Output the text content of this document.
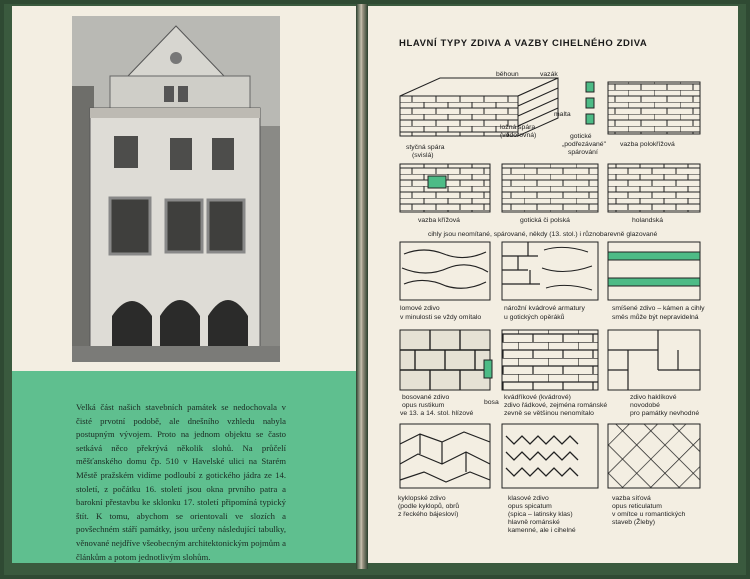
Velká část našich stavebních památek se nedochovala v čisté prvotní podobě, ale dnešního vzhledu nabyla postupným vývojem. Proto na jednom objektu se často setkává něco překrývá několik slohů. Na průčelí měšťanského domu čp. 510 v Havelské ulici na Starém Městě pražském vidíme podloubí z gotického jádra ze 14. století, z počátku 16. století jsou okna prvního patra a barokní přestavbu ke sklonku 17. století připomíná typický štít. K tomu, abychom se orientovali ve slozích a povšechném stáří památky, jsou určeny následující tabulky, věnované nejdříve všeobecným architektonickým pojmům a článkům a potom jednotlivým slohům.

HLAVNÍ TYPY ZDIVA A VAZBY CIHELNÉHO ZDIVA
běhoun	vazák
malta
styčná spára
(svislá)
ložná spára
(vodorovná)	gotické
„podřezávané"
spárování
vazba polokřížová
vazba křížová	gotická či polská	holandská
cihly jsou neomítané, spárované, někdy (13. stol.) i různobarevně glazované
lomové zdivo
v minulosti se vždy omítalo
nárožní kvádrové armatury
u gotických opěráků
smíšené zdivo – kámen a cihly
směs může být nepravidelná
bosované zdivo
opus rustikum
ve 13. a 14. stol. hlízové
bosa
kvádříkové (kvádrové)
zdivo řádkové, zejména románské
zevně se většinou nenomítalo
zdivo haklíkové
novodobé
pro památky nevhodné
kyklopské zdivo
(podle kyklopů, obrů
z řeckého bájesloví)
klasové zdivo
opus spicatum
(spica – latinsky klas)
hlavně románské
kamenné, ale i cihelné
vazba síťová
opus reticulatum
v omítce u romantických
staveb (Žleby)
